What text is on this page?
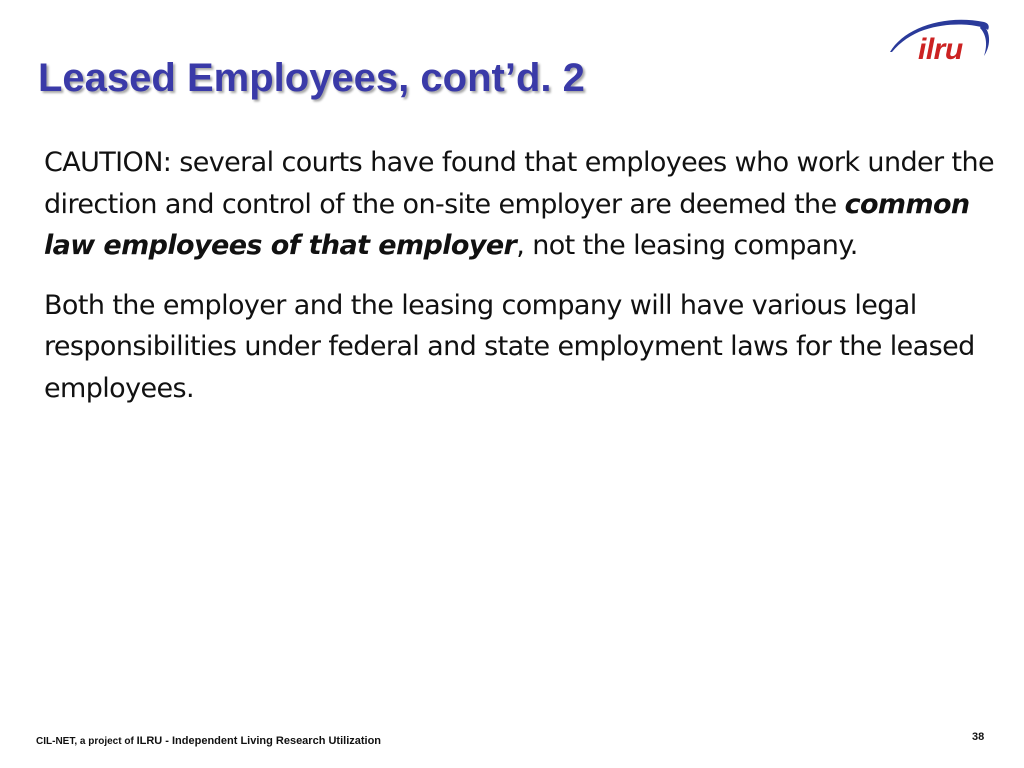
Leased Employees, cont’d. 2
ilru

CAUTION: several courts have found that employees who work under the direction and control of the on-site employer are deemed the common law employees of that employer, not the leasing company.

Both the employer and the leasing company will have various legal responsibilities under federal and state employment laws for the leased employees.

CIL-NET, a project of ILRU - Independent Living Research Utilization	38
